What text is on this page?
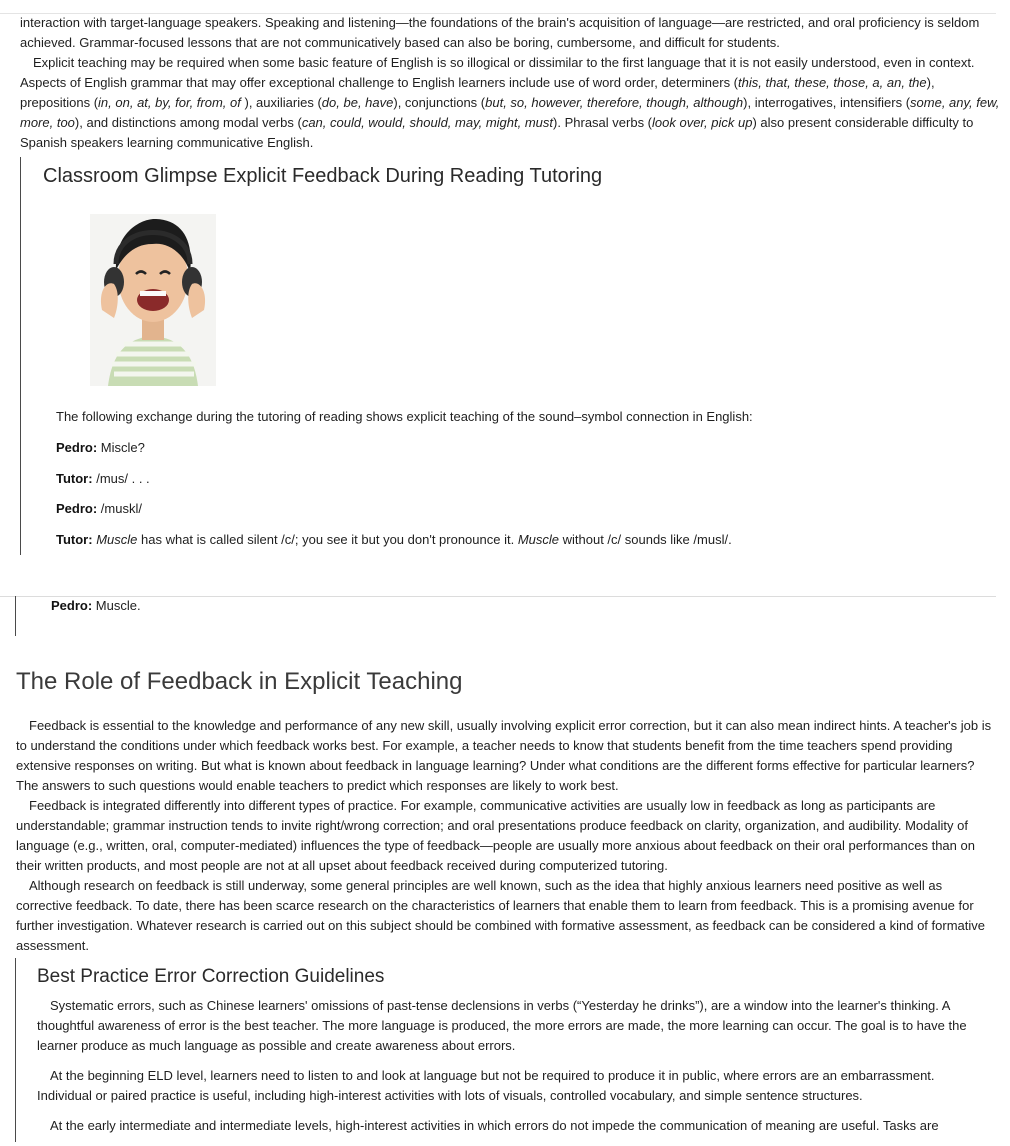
interaction with target-language speakers. Speaking and listening—the foundations of the brain's acquisition of language—are restricted, and oral proficiency is seldom achieved. Grammar-focused lessons that are not communicatively based can also be boring, cumbersome, and difficult for students.

Explicit teaching may be required when some basic feature of English is so illogical or dissimilar to the first language that it is not easily understood, even in context. Aspects of English grammar that may offer exceptional challenge to English learners include use of word order, determiners (this, that, these, those, a, an, the), prepositions (in, on, at, by, for, from, of ), auxiliaries (do, be, have), conjunctions (but, so, however, therefore, though, although), interrogatives, intensifiers (some, any, few, more, too), and distinctions among modal verbs (can, could, would, should, may, might, must). Phrasal verbs (look over, pick up) also present considerable difficulty to Spanish speakers learning communicative English.

Classroom Glimpse Explicit Feedback During Reading Tutoring

The following exchange during the tutoring of reading shows explicit teaching of the sound–symbol connection in English:

Pedro: Miscle?

Tutor: /mus/ . . .

Pedro: /muskl/

Tutor: Muscle has what is called silent /c/; you see it but you don't pronounce it. Muscle without /c/ sounds like /musl/.

Pedro: Muscle.

The Role of Feedback in Explicit Teaching

Feedback is essential to the knowledge and performance of any new skill, usually involving explicit error correction, but it can also mean indirect hints. A teacher's job is to understand the conditions under which feedback works best. For example, a teacher needs to know that students benefit from the time teachers spend providing extensive responses on writing. But what is known about feedback in language learning? Under what conditions are the different forms effective for particular learners? The answers to such questions would enable teachers to predict which responses are likely to work best.

Feedback is integrated differently into different types of practice. For example, communicative activities are usually low in feedback as long as participants are understandable; grammar instruction tends to invite right/wrong correction; and oral presentations produce feedback on clarity, organization, and audibility. Modality of language (e.g., written, oral, computer-mediated) influences the type of feedback—people are usually more anxious about feedback on their oral performances than on their written products, and most people are not at all upset about feedback received during computerized tutoring.

Although research on feedback is still underway, some general principles are well known, such as the idea that highly anxious learners need positive as well as corrective feedback. To date, there has been scarce research on the characteristics of learners that enable them to learn from feedback. This is a promising avenue for further investigation. Whatever research is carried out on this subject should be combined with formative assessment, as feedback can be considered a kind of formative assessment.

Best Practice Error Correction Guidelines

Systematic errors, such as Chinese learners' omissions of past-tense declensions in verbs (“Yesterday he drinks”), are a window into the learner's thinking. A thoughtful awareness of error is the best teacher. The more language is produced, the more errors are made, the more learning can occur. The goal is to have the learner produce as much language as possible and create awareness about errors.

At the beginning ELD level, learners need to listen to and look at language but not be required to produce it in public, where errors are an embarrassment. Individual or paired practice is useful, including high-interest activities with lots of visuals, controlled vocabulary, and simple sentence structures.

At the early intermediate and intermediate levels, high-interest activities in which errors do not impede the communication of meaning are useful. Tasks are
